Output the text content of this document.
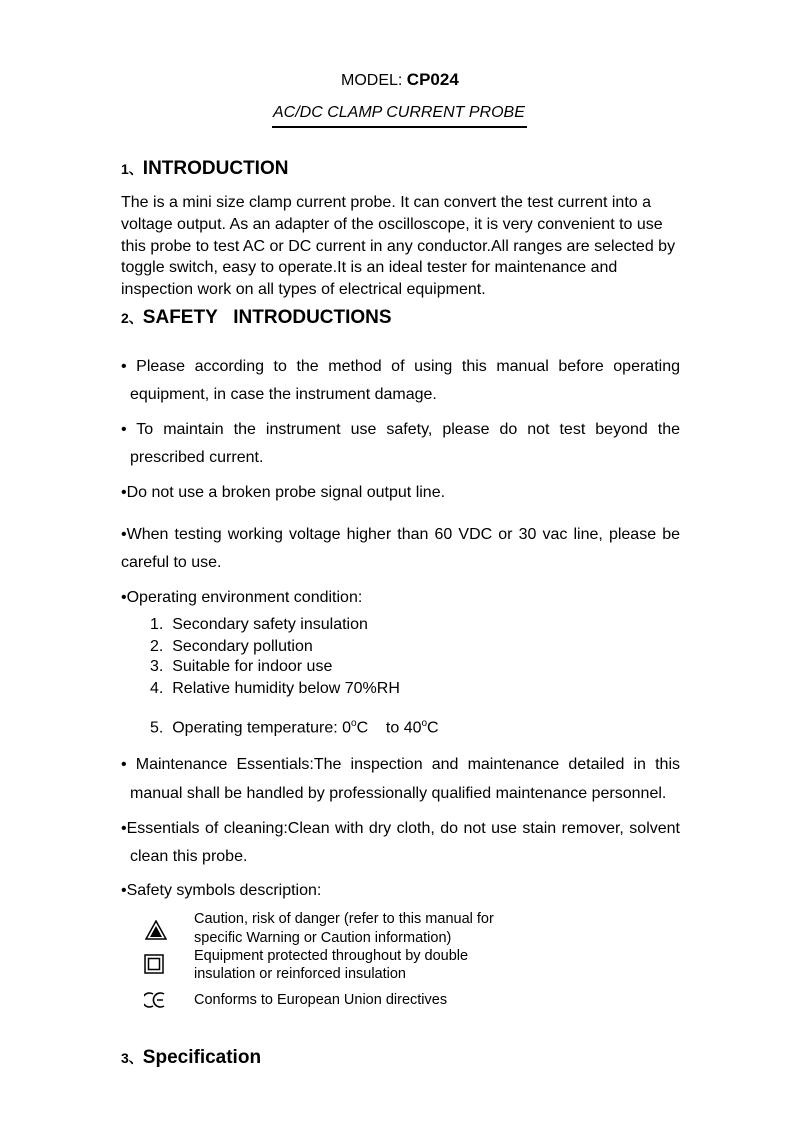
MODEL: CP024
AC/DC CLAMP CURRENT PROBE
1、INTRODUCTION
The is a mini size clamp current probe. It can convert the test current into a
voltage output. As an adapter of the oscilloscope, it is very convenient to use
this probe to test AC or DC current in any conductor.All ranges are selected by
toggle switch, easy to operate.It is an ideal tester for maintenance and
inspection work on all types of electrical equipment.
2、SAFETY   INTRODUCTIONS
• Please according to the method of using this manual before operating
equipment, in case the instrument damage.
• To maintain the instrument use safety, please do not test beyond the
prescribed current.
•Do not use a broken probe signal output line.
•When testing working voltage higher than 60 VDC or 30 vac line, please be
careful to use.
•Operating environment condition:
1.  Secondary safety insulation
2.  Secondary pollution
3.  Suitable for indoor use
4.  Relative humidity below 70%RH
5.  Operating temperature: 0$^o$C    to 40$^o$C
• Maintenance Essentials:The inspection and maintenance detailed in this
manual shall be handled by professionally qualified maintenance personnel.
•Essentials of cleaning:Clean with dry cloth, do not use stain remover, solvent
clean this probe.
•Safety symbols description:
Caution, risk of danger (refer to this manual for
specific Warning or Caution information)
Equipment protected throughout by double
insulation or reinforced insulation
Conforms to European Union directives
3、Specification
